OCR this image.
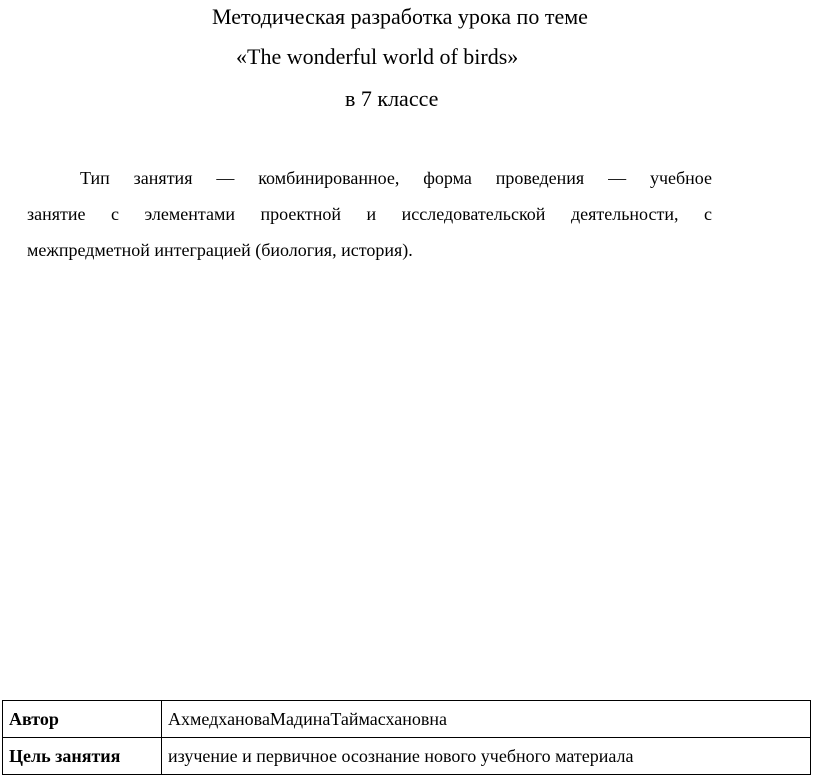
Методическая разработка урока по теме
«The wonderful world of birds»
в 7 классе
Тип занятия — комбинированное, форма проведения — учебное
занятие с элементами проектной и исследовательской деятельности, с
межпредметной интеграцией (биология, история).
Автор	АхмедхановаМадинаТаймасхановна
Цель занятия	изучение и первичное осознание нового учебного материала
